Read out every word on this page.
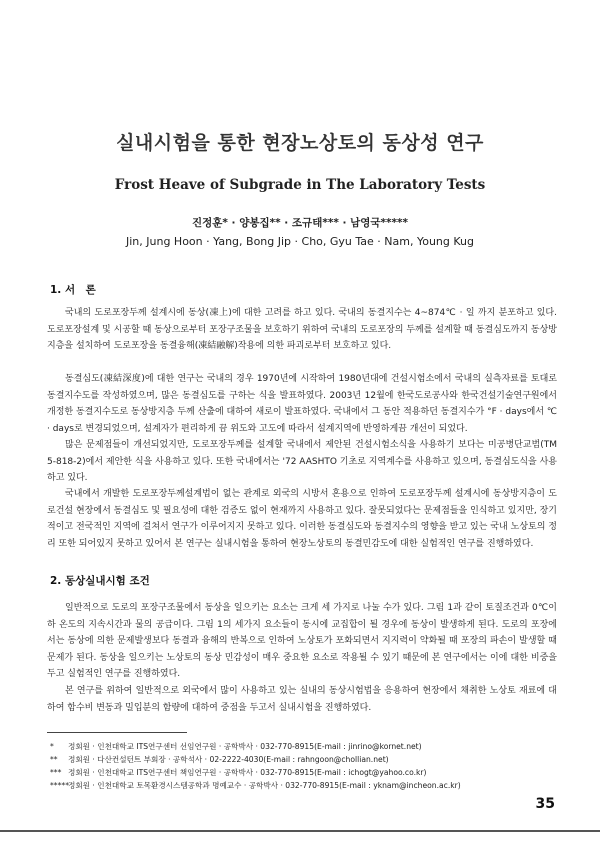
실내시험을 통한 현장노상토의 동상성 연구
Frost Heave of Subgrade in The Laboratory Tests
진정훈* · 양봉집** · 조규태*** · 남영국*****
Jin, Jung Hoon · Yang, Bong Jip · Cho, Gyu Tae · Nam, Young Kug
1. 서　론

국내의 도로포장두께 설계시에 동상(凍上)에 대한 고려를 하고 있다. 국내의 동결지수는 4~874℃ · 일 까지 분포하고 있다. 도로포장설계 및 시공할 때 동상으로부터 포장구조물을 보호하기 위하여 국내의 도로포장의 두께를 설계할 때 동결심도까지 동상방지층을 설치하여 도로포장을 동결융해(凍結融解)작용에 의한 파괴로부터 보호하고 있다.

동결심도(凍結深度)에 대한 연구는 국내의 경우 1970년에 시작하여 1980년대에 건설시험소에서 국내의 실측자료를 토대로 동결지수도를 작성하였으며, 많은 동결심도를 구하는 식을 발표하였다. 2003년 12월에 한국도로공사와 한국건설기술연구원에서 개정한 동결지수도로 동상방지층 두께 산출에 대하여 새로이 발표하였다. 국내에서 그 동안 적용하던 동결지수가 °F · days에서 ℃ · days로 변경되었으며, 설계자가 편리하게 끔 위도와 고도에 따라서 설계지역에 반영하게끔 개선이 되었다.

많은 문제점들이 개선되었지만, 도로포장두께를 설계할 국내에서 제안된 건설시험소식을 사용하기 보다는 미공병단교범(TM 5-818-2)에서 제안한 식을 사용하고 있다. 또한 국내에서는 '72 AASHTO 기초로 지역계수를 사용하고 있으며, 동결심도식을 사용하고 있다.

국내에서 개발한 도로포장두께설계법이 없는 관계로 외국의 시방서 혼용으로 인하여 도로포장두께 설계시에 동상방지층이 도로건설 현장에서 동결심도 및 필요성에 대한 검증도 없이 현재까지 사용하고 있다. 잘못되었다는 문제점들을 인식하고 있지만, 장기적이고 전국적인 지역에 걸쳐서 연구가 이루어지지 못하고 있다. 이러한 동결심도와 동결지수의 영향을 받고 있는 국내 노상토의 정리 또한 되어있지 못하고 있어서 본 연구는 실내시험을 통하여 현장노상토의 동결민감도에 대한 실험적인 연구를 진행하였다.

2. 동상실내시험 조건

일반적으로 도로의 포장구조물에서 동상을 일으키는 요소는 크게 세 가지로 나눌 수가 있다. 그림 1과 같이 토질조건과 0℃이하 온도의 지속시간과 물의 공급이다. 그림 1의 세가지 요소들이 동시에 교집합이 될 경우에 동상이 발생하게 된다. 도로의 포장에서는 동상에 의한 문제발생보다 동결과 융해의 반복으로 인하여 노상토가 포화되면서 지지력이 약화될 때 포장의 파손이 발생할 때 문제가 된다. 동상을 일으키는 노상토의 동상 민감성이 매우 중요한 요소로 작용될 수 있기 때문에 본 연구에서는 이에 대한 비중을 두고 실험적인 연구를 진행하였다.

본 연구를 위하여 일반적으로 외국에서 많이 사용하고 있는 실내의 동상시험법을 응용하여 현장에서 채취한 노상토 재료에 대하여 함수비 변동과 밀입분의 함량에 대하여 중점을 두고서 실내시험을 진행하였다.

* 정회원 · 인천대학교 ITS연구센터 선임연구원 · 공학박사 · 032-770-8915(E-mail : jinrino@kornet.net)
** 정회원 · 다산컨설턴트 부회장 · 공학석사 · 02-2222-4030(E-mail : rahngoon@chollian.net)
*** 정회원 · 인천대학교 ITS연구센터 책임연구원 · 공학박사 · 032-770-8915(E-mail : ichogt@yahoo.co.kr)
*****정회원 · 인천대학교 토목환경시스템공학과 명예교수 · 공학박사 · 032-770-8915(E-mail : yknam@incheon.ac.kr)
35
